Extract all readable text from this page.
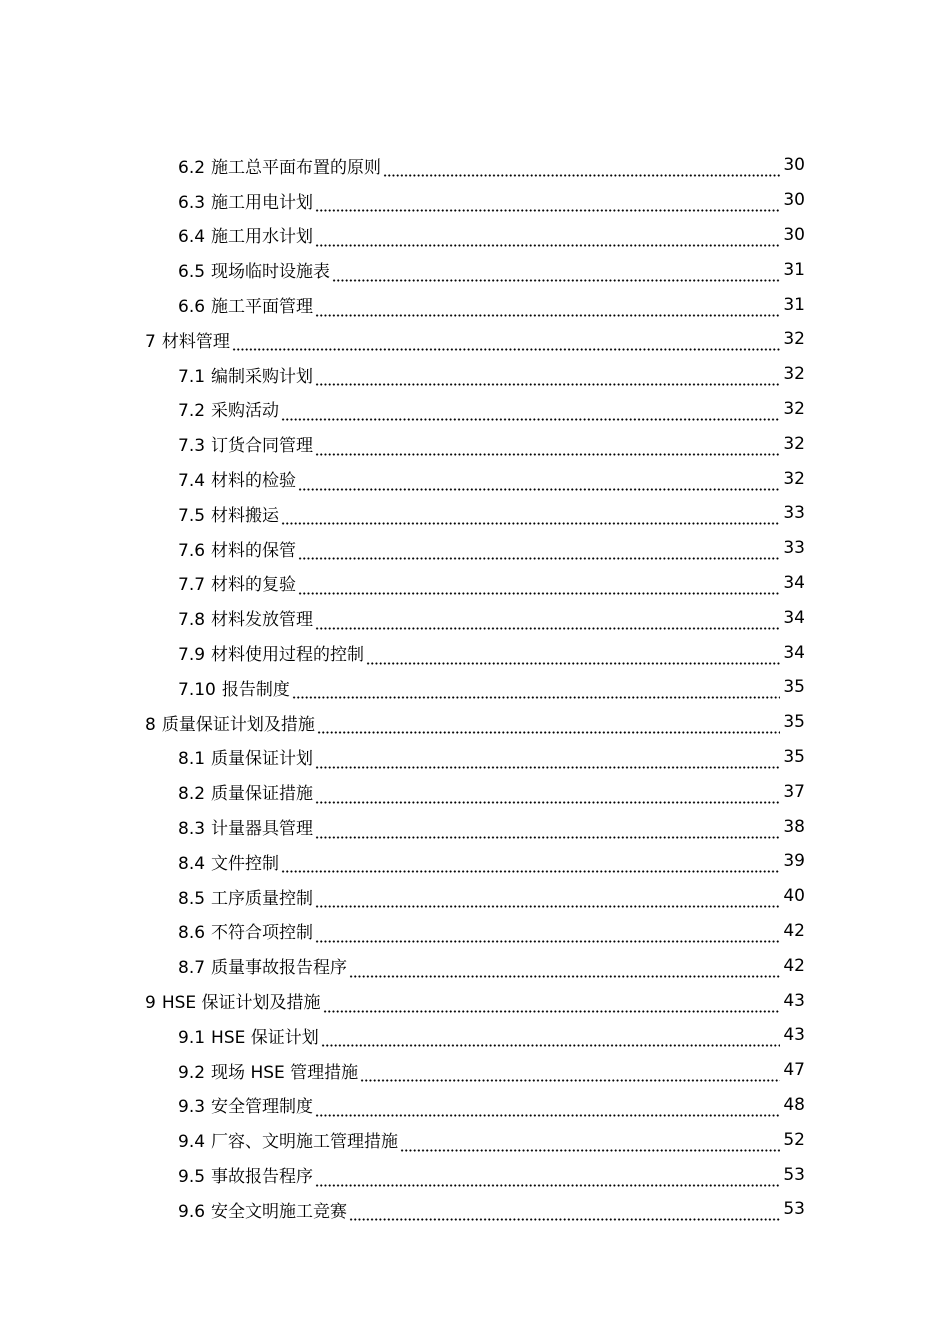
6.2 施工总平面布置的原则	30
6.3 施工用电计划	30
6.4 施工用水计划	30
6.5 现场临时设施表	31
6.6 施工平面管理	31
7 材料管理	32
7.1 编制采购计划	32
7.2 采购活动	32
7.3 订货合同管理	32
7.4 材料的检验	32
7.5 材料搬运	33
7.6 材料的保管	33
7.7 材料的复验	34
7.8 材料发放管理	34
7.9 材料使用过程的控制	34
7.10 报告制度	35
8 质量保证计划及措施	35
8.1 质量保证计划	35
8.2 质量保证措施	37
8.3 计量器具管理	38
8.4 文件控制	39
8.5 工序质量控制	40
8.6 不符合项控制	42
8.7 质量事故报告程序	42
9 HSE 保证计划及措施	43
9.1 HSE 保证计划	43
9.2 现场 HSE 管理措施	47
9.3 安全管理制度	48
9.4 厂容、文明施工管理措施	52
9.5 事故报告程序	53
9.6 安全文明施工竞赛	53
